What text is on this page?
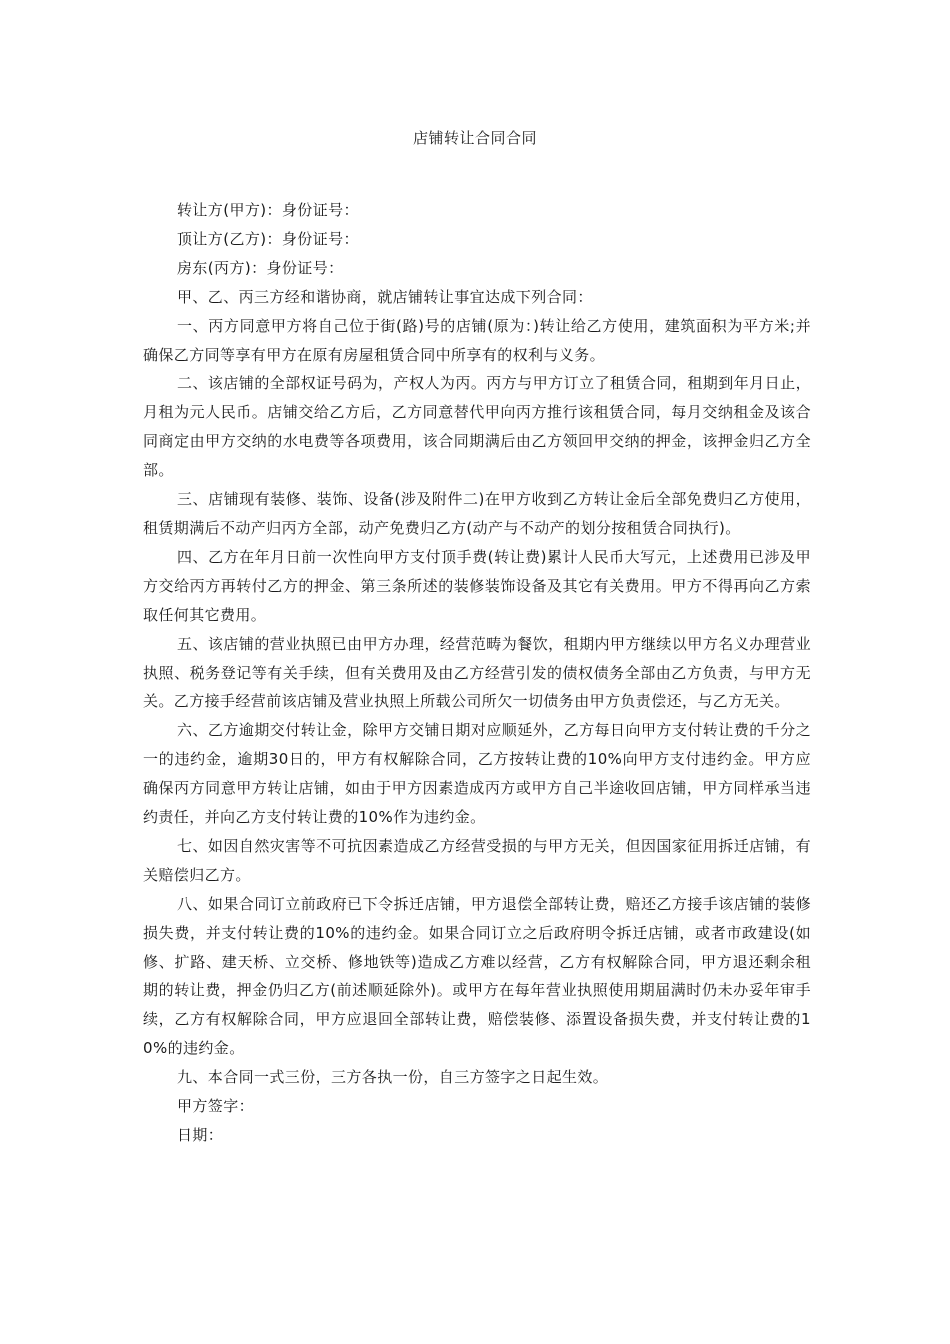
店铺转让合同合同

转让方(甲方)：身份证号：

顶让方(乙方)：身份证号：

房东(丙方)：身份证号：

甲、乙、丙三方经和谐协商，就店铺转让事宜达成下列合同：

一、丙方同意甲方将自己位于街(路)号的店铺(原为：)转让给乙方使用，建筑面积为平方米;并确保乙方同等享有甲方在原有房屋租赁合同中所享有的权利与义务。

二、该店铺的全部权证号码为，产权人为丙。丙方与甲方订立了租赁合同，租期到年月日止，月租为元人民币。店铺交给乙方后，乙方同意替代甲向丙方推行该租赁合同，每月交纳租金及该合同商定由甲方交纳的水电费等各项费用，该合同期满后由乙方领回甲交纳的押金，该押金归乙方全部。

三、店铺现有装修、装饰、设备(涉及附件二)在甲方收到乙方转让金后全部免费归乙方使用，租赁期满后不动产归丙方全部，动产免费归乙方(动产与不动产的划分按租赁合同执行)。

四、乙方在年月日前一次性向甲方支付顶手费(转让费)累计人民币大写元，上述费用已涉及甲方交给丙方再转付乙方的押金、第三条所述的装修装饰设备及其它有关费用。甲方不得再向乙方索取任何其它费用。

五、该店铺的营业执照已由甲方办理，经营范畴为餐饮，租期内甲方继续以甲方名义办理营业执照、税务登记等有关手续，但有关费用及由乙方经营引发的债权债务全部由乙方负责，与甲方无关。乙方接手经营前该店铺及营业执照上所载公司所欠一切债务由甲方负责偿还，与乙方无关。

六、乙方逾期交付转让金，除甲方交铺日期对应顺延外，乙方每日向甲方支付转让费的千分之一的违约金，逾期30日的，甲方有权解除合同，乙方按转让费的10%向甲方支付违约金。甲方应确保丙方同意甲方转让店铺，如由于甲方因素造成丙方或甲方自己半途收回店铺，甲方同样承当违约责任，并向乙方支付转让费的10%作为违约金。

七、如因自然灾害等不可抗因素造成乙方经营受损的与甲方无关，但因国家征用拆迁店铺，有关赔偿归乙方。

八、如果合同订立前政府已下令拆迁店铺，甲方退偿全部转让费，赔还乙方接手该店铺的装修损失费，并支付转让费的10%的违约金。如果合同订立之后政府明令拆迁店铺，或者市政建设(如修、扩路、建天桥、立交桥、修地铁等)造成乙方难以经营，乙方有权解除合同，甲方退还剩余租期的转让费，押金仍归乙方(前述顺延除外)。或甲方在每年营业执照使用期届满时仍未办妥年审手续，乙方有权解除合同，甲方应退回全部转让费，赔偿装修、添置设备损失费，并支付转让费的10%的违约金。

九、本合同一式三份，三方各执一份，自三方签字之日起生效。

甲方签字：

日期：
